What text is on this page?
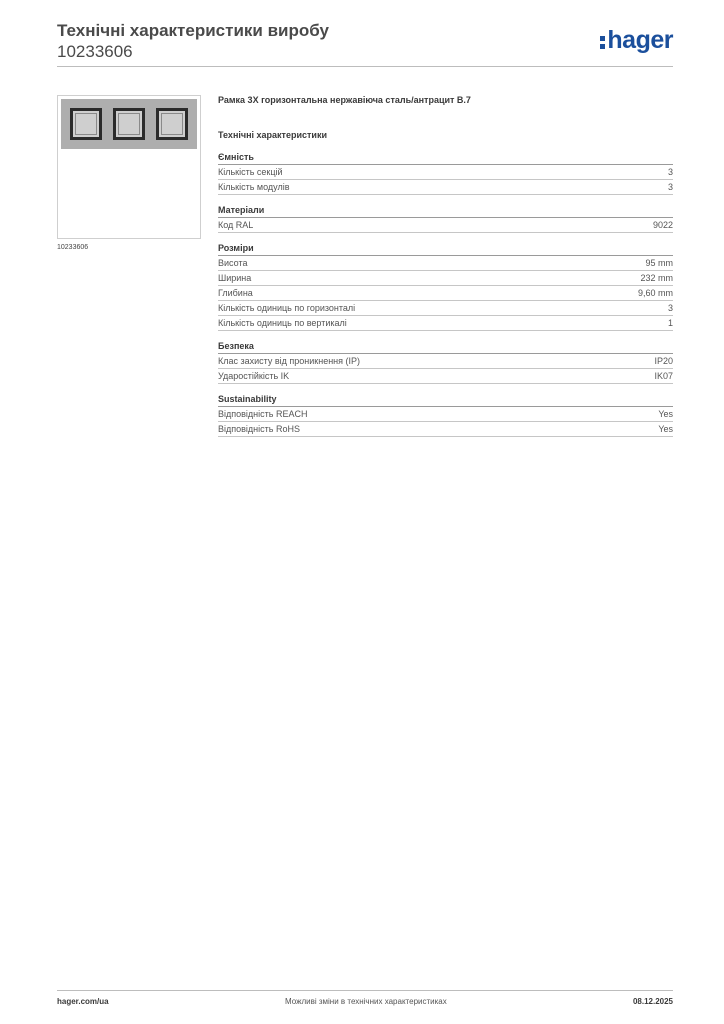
Технічні характеристики виробу
10233606	hager
10233606
Рамка 3Х горизонтальна нержавіюча сталь/антрацит В.7
Технічні характеристики
Ємність
Кількість секцій	3
Кількість модулів	3
Матеріали
Код RAL	9022
Розміри
Висота	95 mm
Ширина	232 mm
Глибина	9,60 mm
Кількість одиниць по горизонталі	3
Кількість одиниць по вертикалі	1
Безпека
Клас захисту від проникнення (IP)	IP20
Ударостійкість IK	IK07
Sustainability
Відповідність REACH	Yes
Відповідність RoHS	Yes
hager.com/ua	Можливі зміни в технічних характеристиках	08.12.2025
